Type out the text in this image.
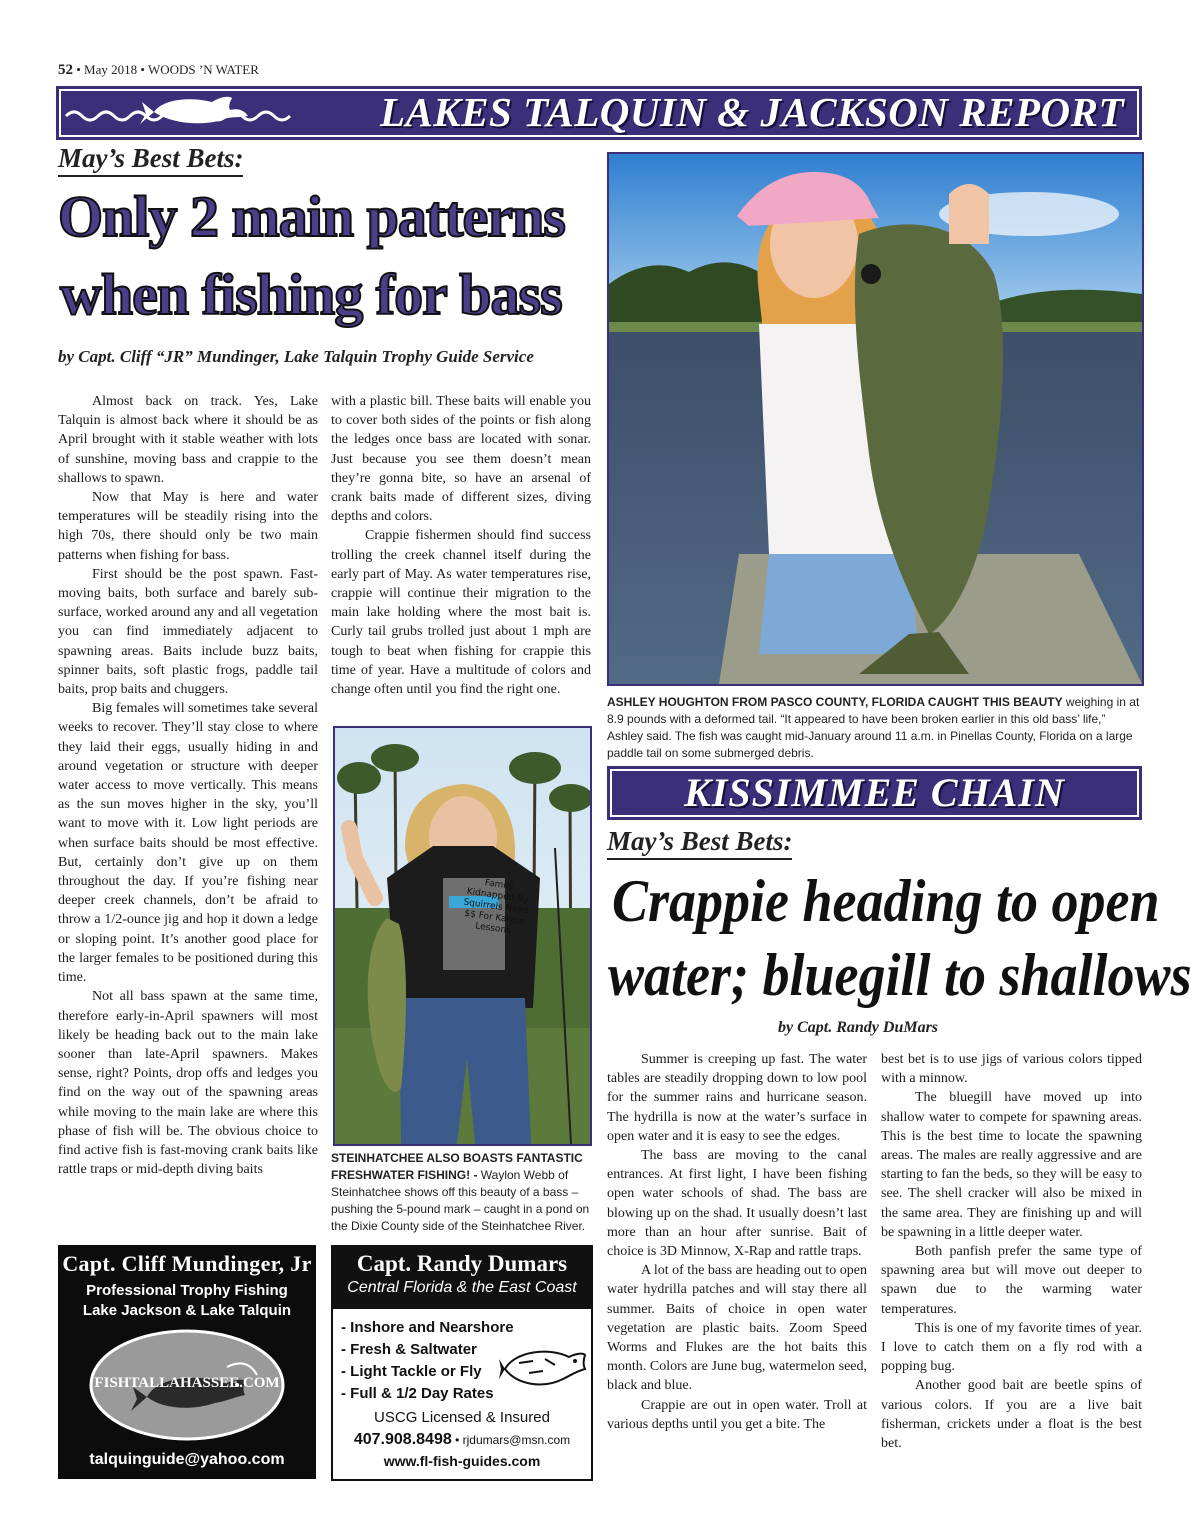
52 • May 2018 • WOODS ’N WATER
LAKES TALQUIN & JACKSON REPORT
May’s Best Bets:
Only 2 main patterns
when fishing for bass
by Capt. Cliff “JR” Mundinger, Lake Talquin Trophy Guide Service

Almost back on track. Yes, Lake Talquin is almost back where it should be as April brought with it stable weather with lots of sunshine, moving bass and crappie to the shallows to spawn.

Now that May is here and water temperatures will be steadily rising into the high 70s, there should only be two main patterns when fishing for bass.

First should be the post spawn. Fast-moving baits, both surface and barely sub-surface, worked around any and all vegetation you can find immediately adjacent to spawning areas. Baits include buzz baits, spinner baits, soft plastic frogs, paddle tail baits, prop baits and chuggers.

Big females will sometimes take several weeks to recover. They’ll stay close to where they laid their eggs, usually hiding in and around vegetation or structure with deeper water access to move vertically. This means as the sun moves higher in the sky, you’ll want to move with it. Low light periods are when surface baits should be most effective. But, certainly don’t give up on them throughout the day. If you’re fishing near deeper creek channels, don’t be afraid to throw a 1/2-ounce jig and hop it down a ledge or sloping point. It’s another good place for the larger females to be positioned during this time.

Not all bass spawn at the same time, therefore early-in-April spawners will most likely be heading back out to the main lake sooner than late-April spawners. Makes sense, right? Points, drop offs and ledges you find on the way out of the spawning areas while moving to the main lake are where this phase of fish will be. The obvious choice to find active fish is fast-moving crank baits like rattle traps or mid-depth diving baits

with a plastic bill. These baits will enable you to cover both sides of the points or fish along the ledges once bass are located with sonar. Just because you see them doesn’t mean they’re gonna bite, so have an arsenal of crank baits made of different sizes, diving depths and colors.

Crappie fishermen should find success trolling the creek channel itself during the early part of May. As water temperatures rise, crappie will continue their migration to the main lake holding where the most bait is. Curly tail grubs trolled just about 1 mph are tough to beat when fishing for crappie this time of year. Have a multitude of colors and change often until you find the right one.

STEINHATCHEE ALSO BOASTS FANTASTIC FRESHWATER FISHING! - Waylon Webb of Steinhatchee shows off this beauty of a bass – pushing the 5-pound mark – caught in a pond on the Dixie County side of the Steinhatchee River.
ASHLEY HOUGHTON FROM PASCO COUNTY, FLORIDA CAUGHT THIS BEAUTY weighing in at 8.9 pounds with a deformed tail. “It appeared to have been broken earlier in this old bass’ life,” Ashley said. The fish was caught mid-January around 11 a.m. in Pinellas County, Florida on a large paddle tail on some submerged debris.
KISSIMMEE CHAIN
May’s Best Bets:
Crappie heading to open
water; bluegill to shallows
by Capt. Randy DuMars

Summer is creeping up fast. The water tables are steadily dropping down to low pool for the summer rains and hurricane season. The hydrilla is now at the water’s surface in open water and it is easy to see the edges.

The bass are moving to the canal entrances. At first light, I have been fishing open water schools of shad. The bass are blowing up on the shad. It usually doesn’t last more than an hour after sunrise. Bait of choice is 3D Minnow, X-Rap and rattle traps.

A lot of the bass are heading out to open water hydrilla patches and will stay there all summer. Baits of choice in open water vegetation are plastic baits. Zoom Speed Worms and Flukes are the hot baits this month. Colors are June bug, watermelon seed, black and blue.

Crappie are out in open water. Troll at various depths until you get a bite. The

best bet is to use jigs of various colors tipped with a minnow.

The bluegill have moved up into shallow water to compete for spawning areas. This is the best time to locate the spawning areas. The males are really aggressive and are starting to fan the beds, so they will be easy to see. The shell cracker will also be mixed in the same area. They are finishing up and will be spawning in a little deeper water.

Both panfish prefer the same type of spawning area but will move out deeper to spawn due to the warming water temperatures.

This is one of my favorite times of year. I love to catch them on a fly rod with a popping bug.

Another good bait are beetle spins of various colors. If you are a live bait fisherman, crickets under a float is the best bet.

Capt. Cliff Mundinger, Jr
Professional Trophy Fishing
Lake Jackson & Lake Talquin
FISHTALLAHASSEE.COM
talquinguide@yahoo.com
Capt. Randy Dumars
Central Florida & the East Coast
- Inshore and Nearshore
- Fresh & Saltwater
- Light Tackle or Fly
- Full & 1/2 Day Rates
USCG Licensed & Insured
407.908.8498 • rjdumars@msn.com
www.fl-fish-guides.com
Family Kidnapped By Squirrels Need $$ For Karate Lessons
